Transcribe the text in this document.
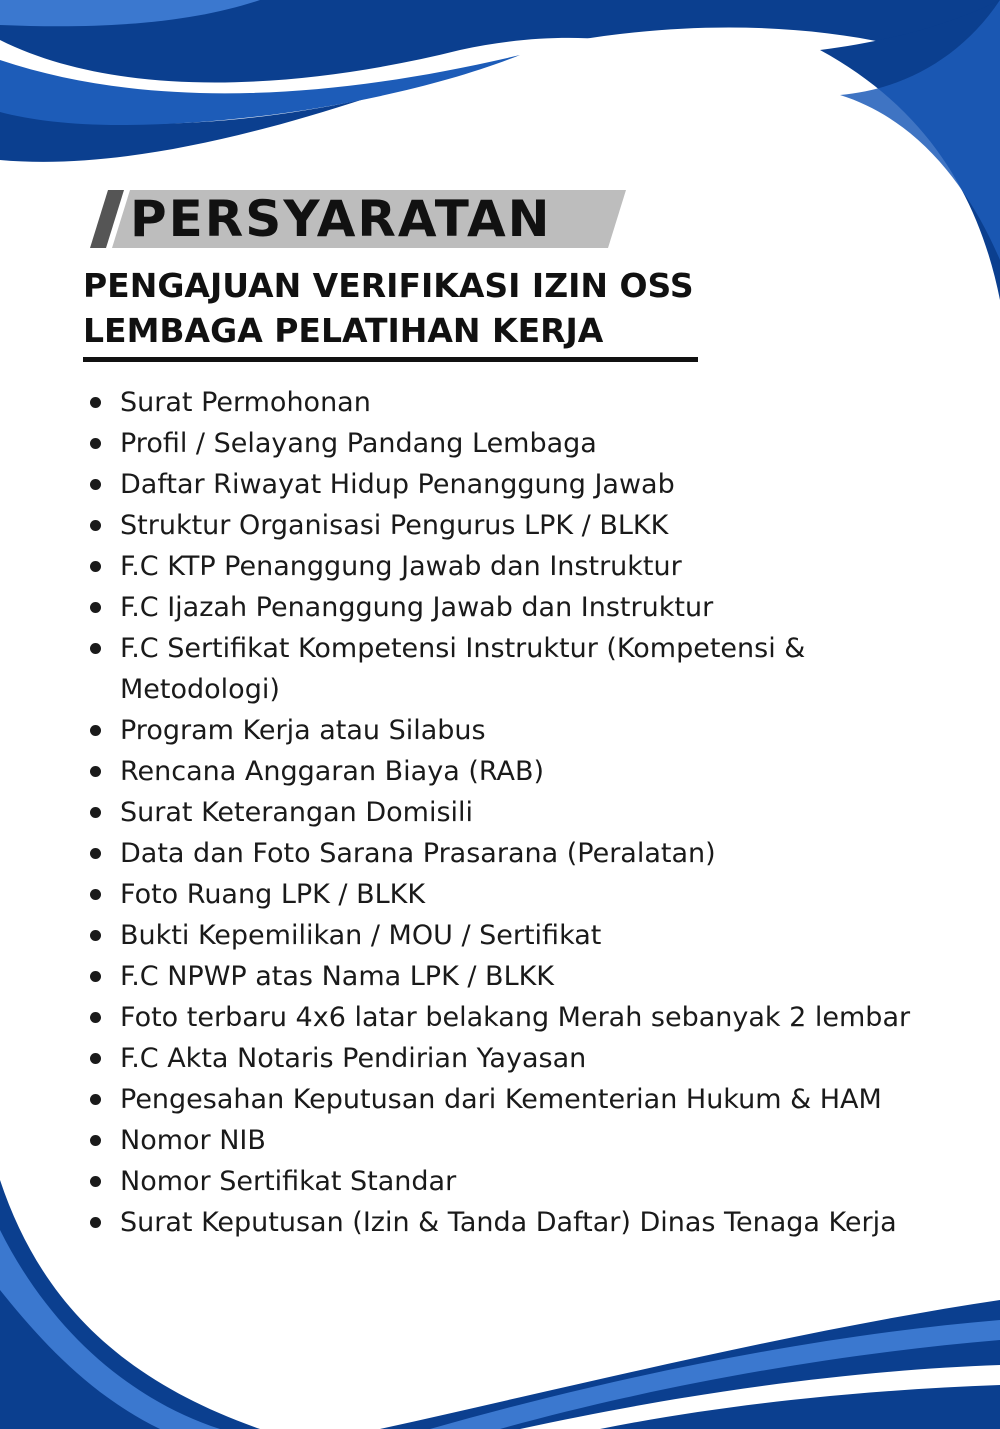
PERSYARATAN
PENGAJUAN VERIFIKASI IZIN OSS
LEMBAGA PELATIHAN KERJA
Surat Permohonan
Profil / Selayang Pandang Lembaga
Daftar Riwayat Hidup Penanggung Jawab
Struktur Organisasi Pengurus LPK / BLKK
F.C KTP Penanggung Jawab dan Instruktur
F.C Ijazah Penanggung Jawab dan Instruktur
F.C Sertifikat Kompetensi Instruktur (Kompetensi & Metodologi)
Program Kerja atau Silabus
Rencana Anggaran Biaya (RAB)
Surat Keterangan Domisili
Data dan Foto Sarana Prasarana (Peralatan)
Foto Ruang LPK / BLKK
Bukti Kepemilikan / MOU / Sertifikat
F.C NPWP atas Nama LPK / BLKK
Foto terbaru 4x6 latar belakang Merah sebanyak 2 lembar
F.C Akta Notaris Pendirian Yayasan
Pengesahan Keputusan dari Kementerian Hukum & HAM
Nomor NIB
Nomor Sertifikat Standar
Surat Keputusan (Izin & Tanda Daftar) Dinas Tenaga Kerja
